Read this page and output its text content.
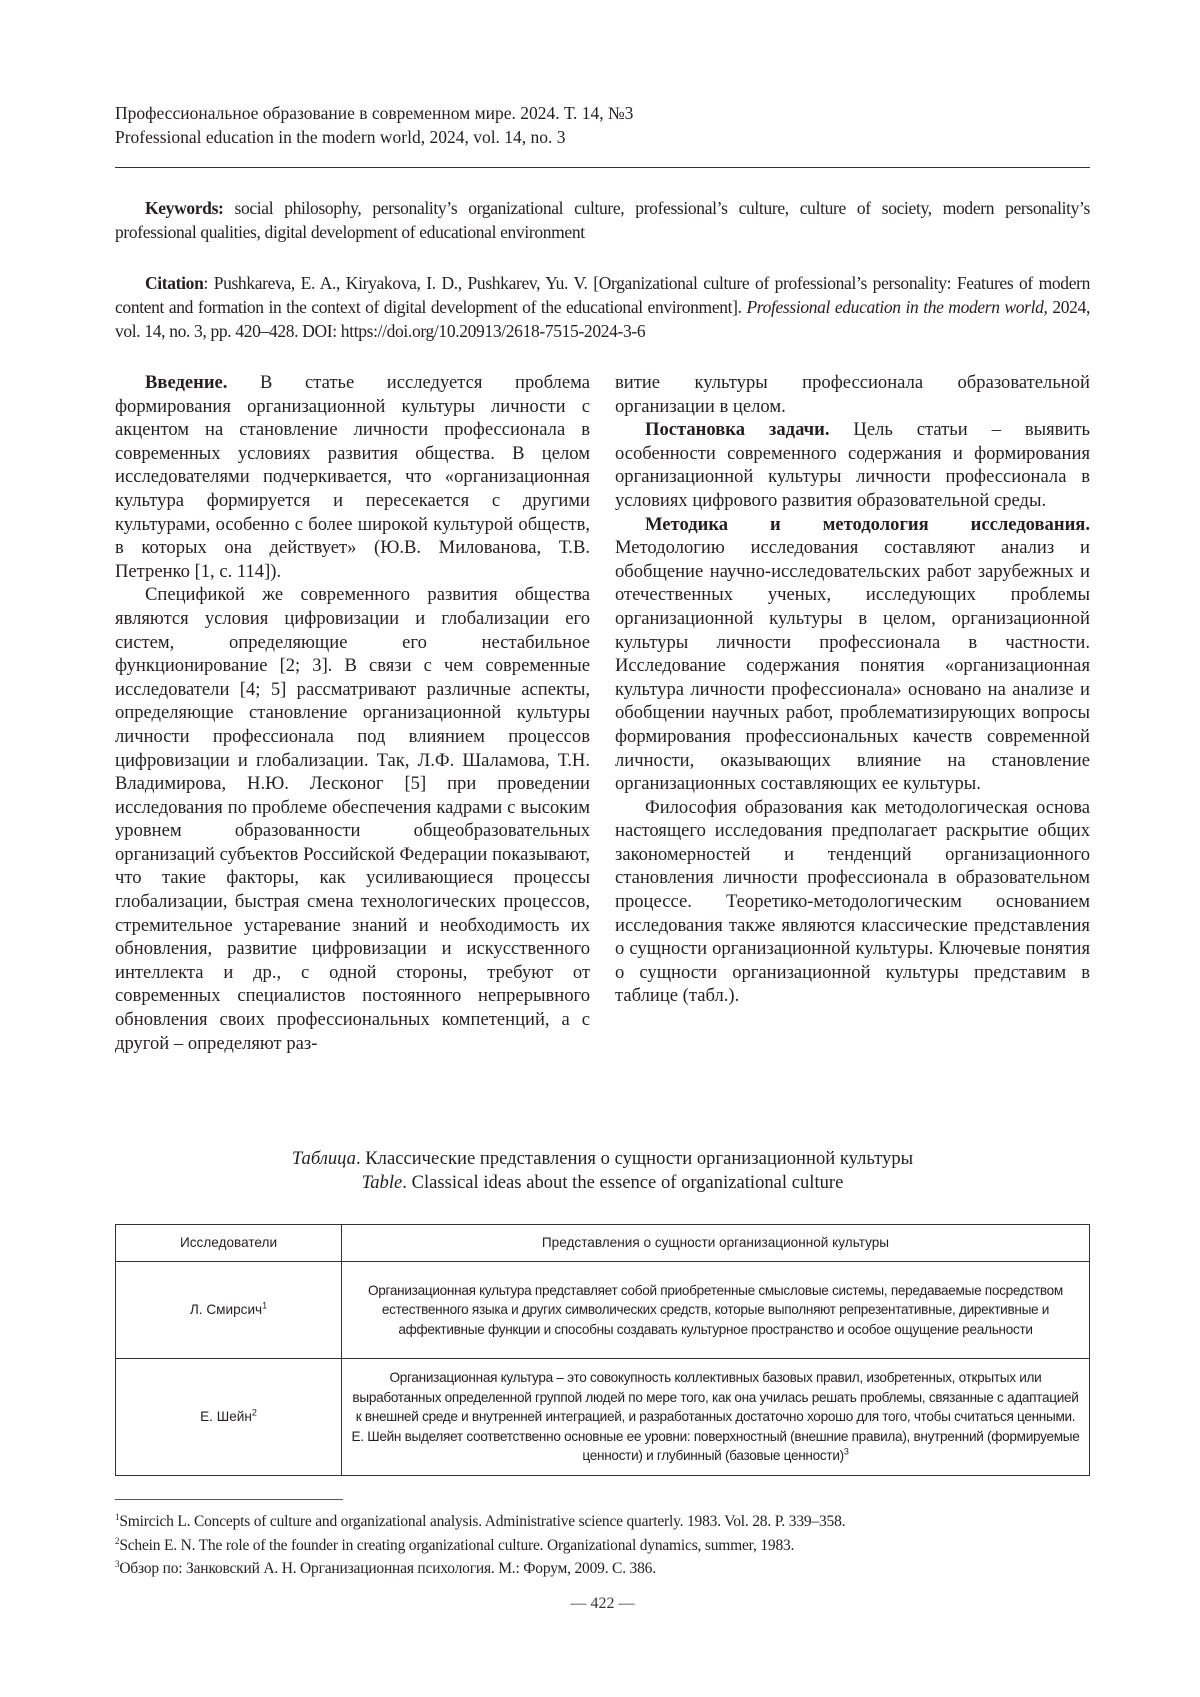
Профессиональное образование в современном мире. 2024. Т. 14, №3
Professional education in the modern world, 2024, vol. 14, no. 3
Keywords: social philosophy, personality’s organizational culture, professional’s culture, culture of society, modern personality’s professional qualities, digital development of educational environment
Citation: Pushkareva, E. A., Kiryakova, I. D., Pushkarev, Yu. V. [Organizational culture of professional’s personality: Features of modern content and formation in the context of digital development of the educational environment]. Professional education in the modern world, 2024, vol. 14, no. 3, pp. 420–428. DOI: https://doi.org/10.20913/2618-7515-2024-3-6

Введение. В статье исследуется проблема формирования организационной культуры личности с акцентом на становление личности профессионала в современных условиях развития общества. В целом исследователями подчеркивается, что «организационная культура формируется и пересекается с другими культурами, особенно с более широкой культурой обществ, в которых она действует» (Ю.В. Милованова, Т.В. Петренко [1, с. 114]).

Спецификой же современного развития общества являются условия цифровизации и глобализации его систем, определяющие его нестабильное функционирование [2; 3]. В связи с чем современные исследователи [4; 5] рассматривают различные аспекты, определяющие становление организационной культуры личности профессионала под влиянием процессов цифровизации и глобализации. Так, Л.Ф. Шаламова, Т.Н. Владимирова, Н.Ю. Лесконог [5] при проведении исследования по проблеме обеспечения кадрами с высоким уровнем образованности общеобразовательных организаций субъектов Российской Федерации показывают, что такие факторы, как усиливающиеся процессы глобализации, быстрая смена технологических процессов, стремительное устаревание знаний и необходимость их обновления, развитие цифровизации и искусственного интеллекта и др., с одной стороны, требуют от современных специалистов постоянного непрерывного обновления своих профессиональных компетенций, а с другой – определяют раз-

витие культуры профессионала образовательной организации в целом.

Постановка задачи. Цель статьи – выявить особенности современного содержания и формирования организационной культуры личности профессионала в условиях цифрового развития образовательной среды.

Методика и методология исследования. Методологию исследования составляют анализ и обобщение научно-исследовательских работ зарубежных и отечественных ученых, исследующих проблемы организационной культуры в целом, организационной культуры личности профессионала в частности. Исследование содержания понятия «организационная культура личности профессионала» основано на анализе и обобщении научных работ, проблематизирующих вопросы формирования профессиональных качеств современной личности, оказывающих влияние на становление организационных составляющих ее культуры.

Философия образования как методологическая основа настоящего исследования предполагает раскрытие общих закономерностей и тенденций организационного становления личности профессионала в образовательном процессе. Теоретико-методологическим основанием исследования также являются классические представления о сущности организационной культуры. Ключевые понятия о сущности организационной культуры представим в таблице (табл.).

Таблица. Классические представления о сущности организационной культуры
Table. Classical ideas about the essence of organizational culture
Исследователи	Представления о сущности организационной культуры
Л. Смирсич$^1$	Организационная культура представляет собой приобретенные смысловые системы, передаваемые посредством естественного языка и других символических средств, которые выполняют репрезентативные, директивные и аффективные функции и способны создавать культурное пространство и особое ощущение реальности
Е. Шейн$^2$	Организационная культура – это совокупность коллективных базовых правил, изобретенных, открытых или выработанных определенной группой людей по мере того, как она училась решать проблемы, связанные с адаптацией к внешней среде и внутренней интеграцией, и разработанных достаточно хорошо для того, чтобы считаться ценными. Е. Шейн выделяет соответственно основные ее уровни: поверхностный (внешние правила), внутренний (формируемые ценности) и глубинный (базовые ценности)$^3$
$^1$Smircich L. Concepts of culture and organizational analysis. Administrative science quarterly. 1983. Vol. 28. P. 339–358.
$^2$Schein E. N. The role of the founder in creating organizational culture. Organizational dynamics, summer, 1983.
$^3$Обзор по: Занковский А. Н. Организационная психология. М.: Форум, 2009. С. 386.
— 422 —
